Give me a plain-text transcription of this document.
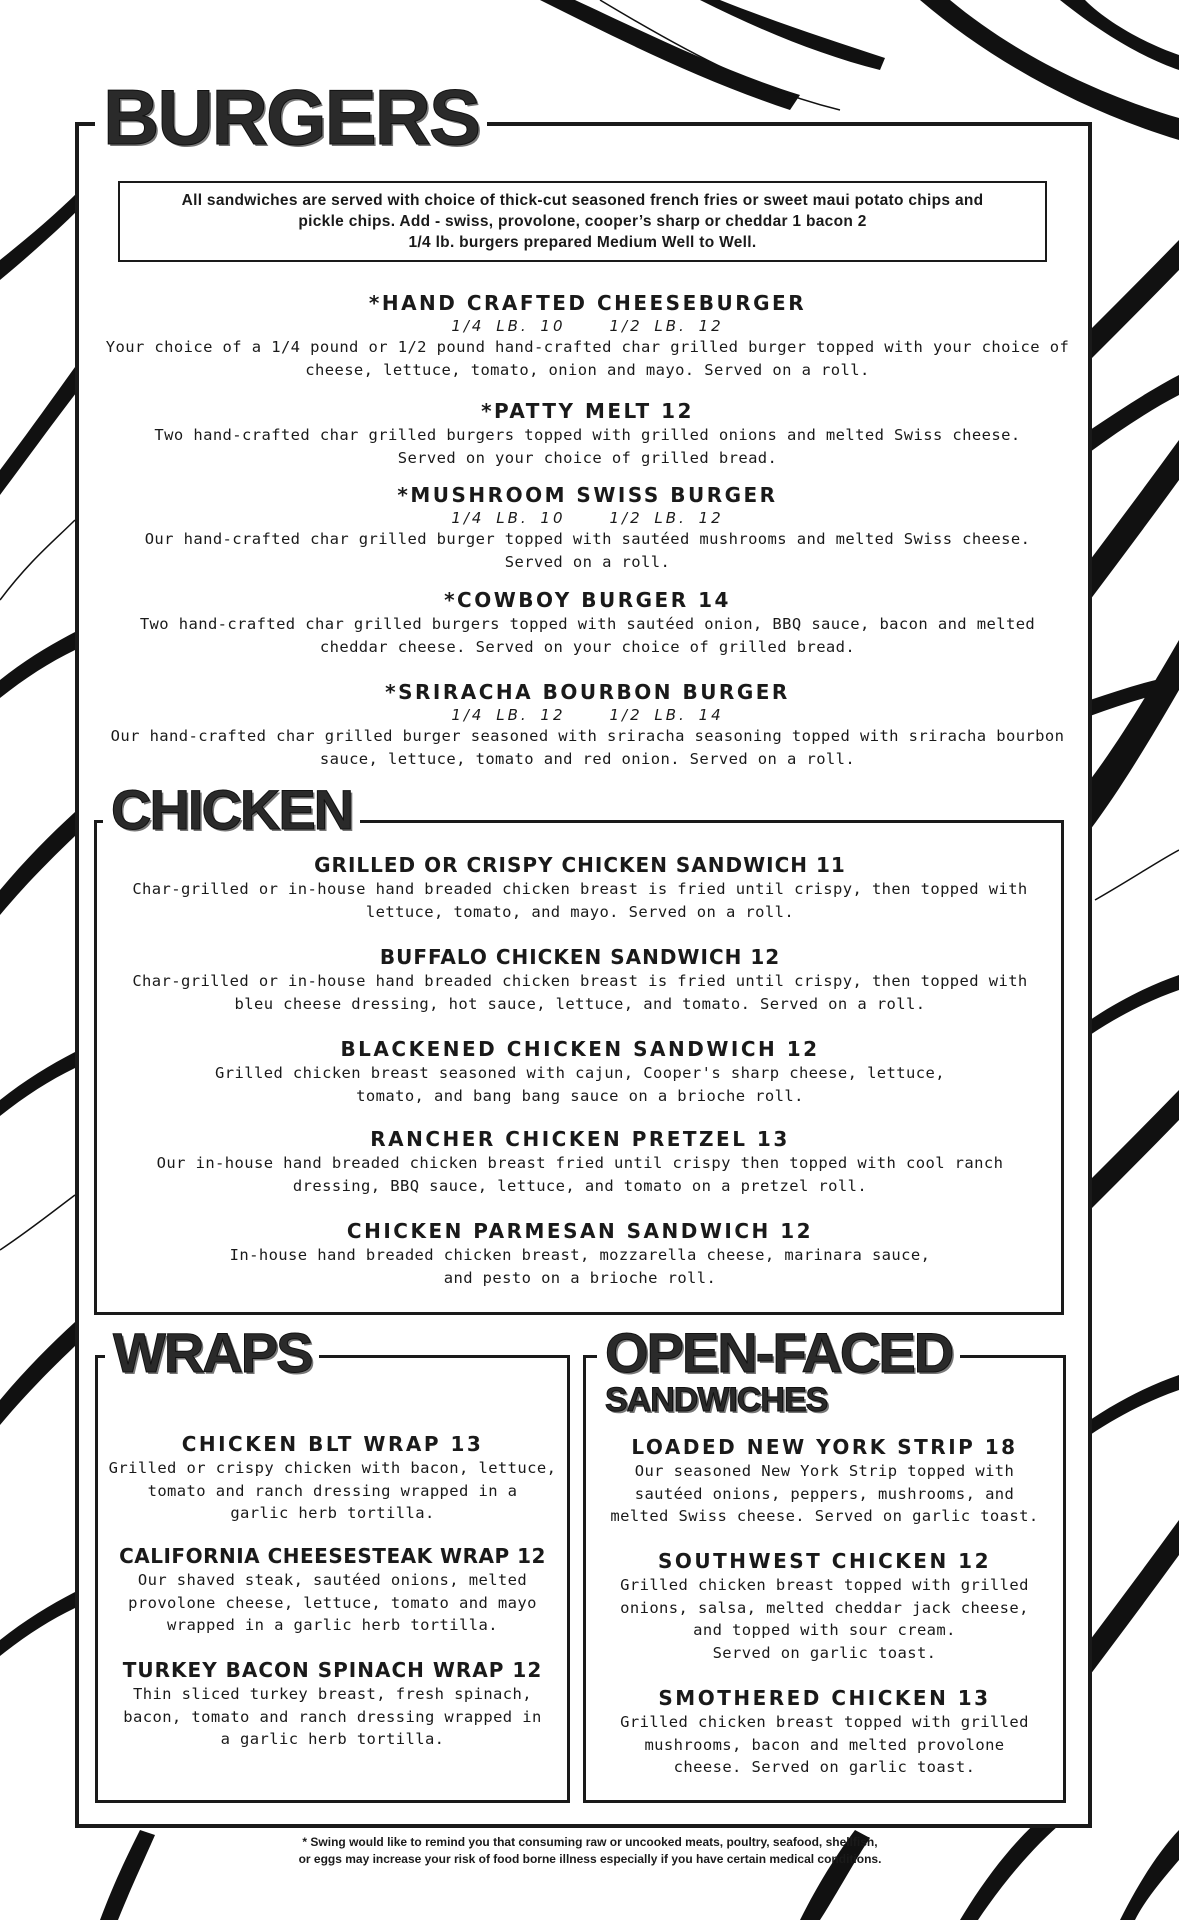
BURGERS
CHICKEN
WRAPS	OPEN-FACED
SANDWICHES
All sandwiches are served with choice of thick-cut seasoned french fries or sweet maui potato chips and
pickle chips. Add - swiss, provolone, cooper’s sharp or cheddar 1 bacon 2
1/4 lb. burgers prepared Medium Well to Well.
*HAND CRAFTED CHEESEBURGER
1/4 LB. 10	1/2 LB. 12
Your choice of a 1/4 pound or 1/2 pound hand-crafted char grilled burger topped with your choice of
cheese, lettuce, tomato, onion and mayo. Served on a roll.
*PATTY MELT 12
Two hand-crafted char grilled burgers topped with grilled onions and melted Swiss cheese.
Served on your choice of grilled bread.
*MUSHROOM SWISS BURGER
1/4 LB. 10	1/2 LB. 12
Our hand-crafted char grilled burger topped with sautéed mushrooms and melted Swiss cheese.
Served on a roll.
*COWBOY BURGER 14
Two hand-crafted char grilled burgers topped with sautéed onion, BBQ sauce, bacon and melted
cheddar cheese. Served on your choice of grilled bread.
*SRIRACHA BOURBON BURGER
1/4 LB. 12	1/2 LB. 14
Our hand-crafted char grilled burger seasoned with sriracha seasoning topped with sriracha bourbon
sauce, lettuce, tomato and red onion. Served on a roll.
GRILLED OR CRISPY CHICKEN SANDWICH 11
Char-grilled or in-house hand breaded chicken breast is fried until crispy, then topped with
lettuce, tomato, and mayo. Served on a roll.
BUFFALO CHICKEN SANDWICH 12
Char-grilled or in-house hand breaded chicken breast is fried until crispy, then topped with
bleu cheese dressing, hot sauce, lettuce, and tomato. Served on a roll.
BLACKENED CHICKEN SANDWICH 12
Grilled chicken breast seasoned with cajun, Cooper's sharp cheese, lettuce,
tomato, and bang bang sauce on a brioche roll.
RANCHER CHICKEN PRETZEL 13
Our in-house hand breaded chicken breast fried until crispy then topped with cool ranch
dressing, BBQ sauce, lettuce, and tomato on a pretzel roll.
CHICKEN PARMESAN SANDWICH 12
In-house hand breaded chicken breast, mozzarella cheese, marinara sauce,
and pesto on a brioche roll.
CHICKEN BLT WRAP 13
Grilled or crispy chicken with bacon, lettuce,
tomato and ranch dressing wrapped in a
garlic herb tortilla.
CALIFORNIA CHEESESTEAK WRAP 12
Our shaved steak, sautéed onions, melted
provolone cheese, lettuce, tomato and mayo
wrapped in a garlic herb tortilla.
TURKEY BACON SPINACH WRAP 12
Thin sliced turkey breast, fresh spinach,
bacon, tomato and ranch dressing wrapped in
a garlic herb tortilla.
LOADED NEW YORK STRIP 18
Our seasoned New York Strip topped with
sautéed onions, peppers, mushrooms, and
melted Swiss cheese. Served on garlic toast.
SOUTHWEST CHICKEN 12
Grilled chicken breast topped with grilled
onions, salsa, melted cheddar jack cheese,
and topped with sour cream.
Served on garlic toast.
SMOTHERED CHICKEN 13
Grilled chicken breast topped with grilled
mushrooms, bacon and melted provolone
cheese. Served on garlic toast.
* Swing would like to remind you that consuming raw or uncooked meats, poultry, seafood, shellfish,
or eggs may increase your risk of food borne illness especially if you have certain medical conditions.
